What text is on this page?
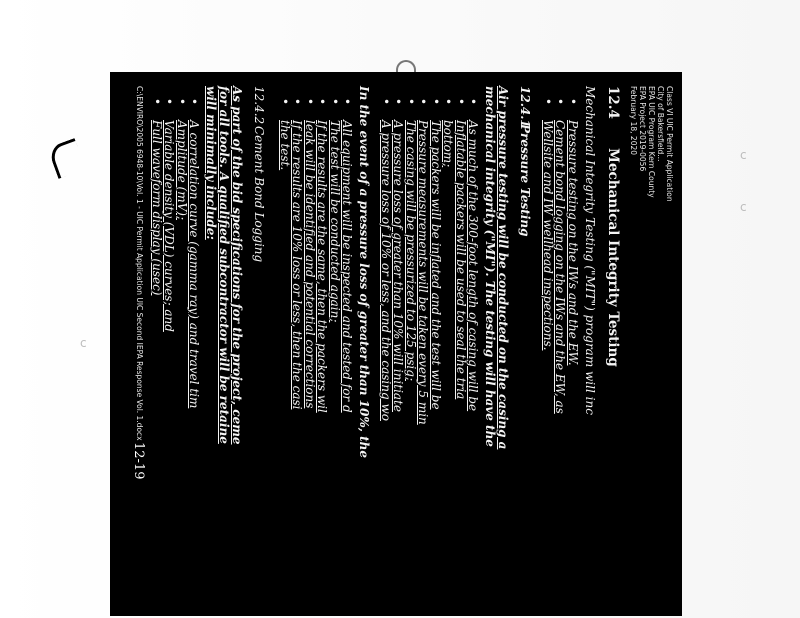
c
c
c
Class VI UIC Permit Application
City of Bakersfield...
EPA UIC Program Kern County
EPA Project 2019-0056
February 18, 2020
12.4Mechanical Integrity Testing
Mechanical Integrity Testing ("MIT") program will inc
• Pressure testing on the IWs and the EW.
• Cement bond logging on the IWs and the EW, as
• Wellsite and IW wellhead inspections.
12.4.1Pressure Testing
Air pressure testing will be conducted on the casing a
mechanical integrity ("MI"). The testing will have the
• As much of the 300-foot length of casing will be
• Inflatable packers will be used to seal the tria
• bottom;
• The packers will be inflated and the test will be
• Pressure measurements will be taken every 5 min
• The casing will be pressurized to 125 psig;
• A pressure loss of greater than 10% will initiate
• A pressure loss of 10% or less, and the casing wo
In the event of a pressure loss of greater than 10%, the
• All equipment will be inspected and tested for d
• The test will be conducted again;
• If the results are the same, then the packers wil
• leak will be identified and potential corrections
• If the results are 10% loss or less, then the casi
• the test.
12.4.2Cement Bond Logging
As part of the bid specifications for the project, ceme
for all tools. A qualified subcontractor will be retaine
will minimally include:
• A correlation curve (gamma ray) and travel tim
• Amplitude (mV);
• Variable density (VDL) curves; and
• Full waveform display (usec)
C:\ENVIRO\2005 6948-10\Vol. 1 - UIC Permit Application UIC Second IEPA Response Vol. 1.docx
12-19
